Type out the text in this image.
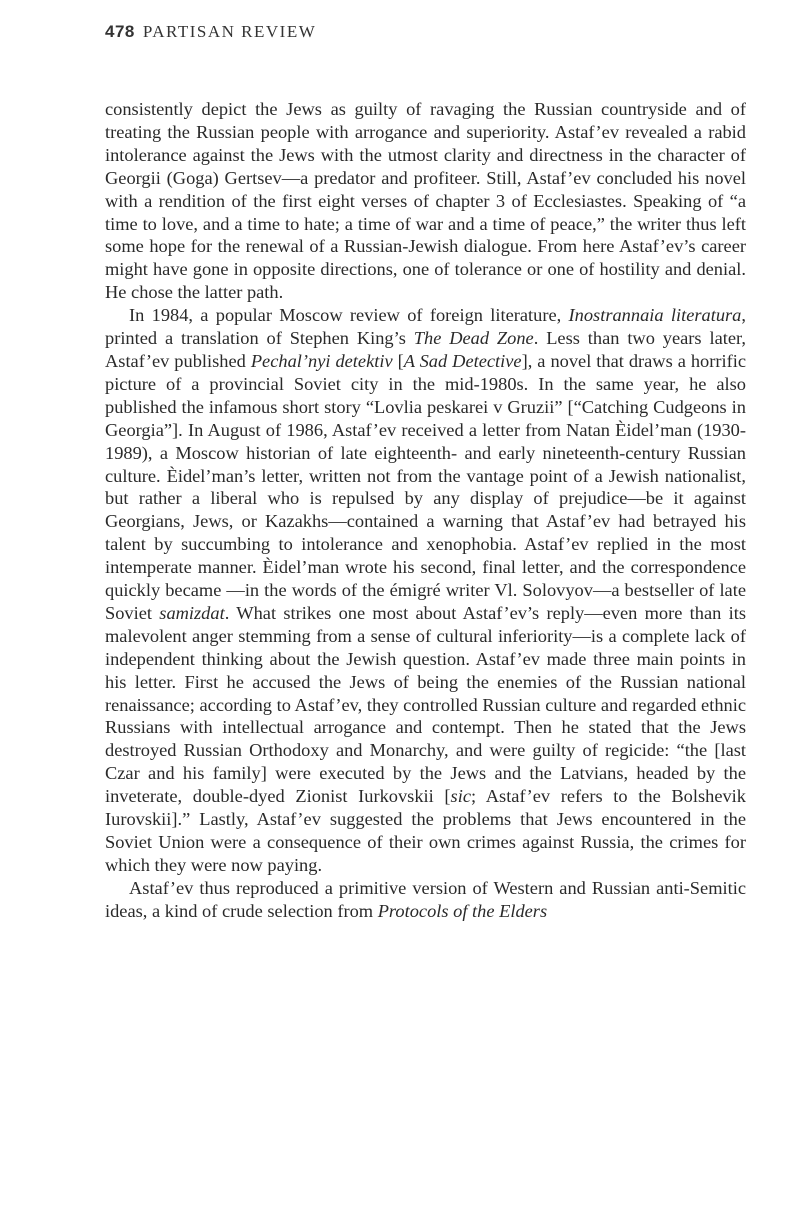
478 PARTISAN REVIEW

consistently depict the Jews as guilty of ravaging the Russian countryside and of treating the Russian people with arrogance and superiority. Astaf’ev revealed a rabid intolerance against the Jews with the utmost clarity and directness in the character of Georgii (Goga) Gertsev—a predator and profiteer. Still, Astaf’ev concluded his novel with a rendition of the first eight verses of chapter 3 of Ecclesiastes. Speaking of “a time to love, and a time to hate; a time of war and a time of peace,” the writer thus left some hope for the renewal of a Russian-Jewish dialogue. From here Astaf’ev’s career might have gone in opposite directions, one of tolerance or one of hostility and denial. He chose the latter path.

In 1984, a popular Moscow review of foreign literature, Inostrannaia literatura, printed a translation of Stephen King’s The Dead Zone. Less than two years later, Astaf’ev published Pechal’nyi detektiv [A Sad Detective], a novel that draws a horrific picture of a provincial Soviet city in the mid-1980s. In the same year, he also published the infamous short story “Lovlia peskarei v Gruzii” [“Catching Cudgeons in Georgia”]. In August of 1986, Astaf’ev received a letter from Natan Èidel’man (1930-1989), a Moscow historian of late eighteenth- and early nineteenth-century Russian culture. Èidel’man’s letter, written not from the vantage point of a Jewish nationalist, but rather a liberal who is repulsed by any display of prejudice—be it against Georgians, Jews, or Kazakhs—contained a warning that Astaf’ev had betrayed his talent by succumbing to intolerance and xenophobia. Astaf’ev replied in the most intemperate manner. Èidel’man wrote his second, final letter, and the correspondence quickly became —in the words of the émigré writer Vl. Solovyov—a bestseller of late Soviet samizdat. What strikes one most about Astaf’ev’s reply—even more than its malevolent anger stemming from a sense of cultural inferiority—is a complete lack of independent thinking about the Jewish question. Astaf’ev made three main points in his letter. First he accused the Jews of being the enemies of the Russian national renaissance; according to Astaf’ev, they controlled Russian culture and regarded ethnic Russians with intellectual arrogance and contempt. Then he stated that the Jews destroyed Russian Orthodoxy and Monarchy, and were guilty of regicide: “the [last Czar and his family] were executed by the Jews and the Latvians, headed by the inveterate, double-dyed Zionist Iurkovskii [sic; Astaf’ev refers to the Bolshevik Iurovskii].” Lastly, Astaf’ev suggested the problems that Jews encountered in the Soviet Union were a consequence of their own crimes against Russia, the crimes for which they were now paying.

Astaf’ev thus reproduced a primitive version of Western and Russian anti-Semitic ideas, a kind of crude selection from Protocols of the Elders
